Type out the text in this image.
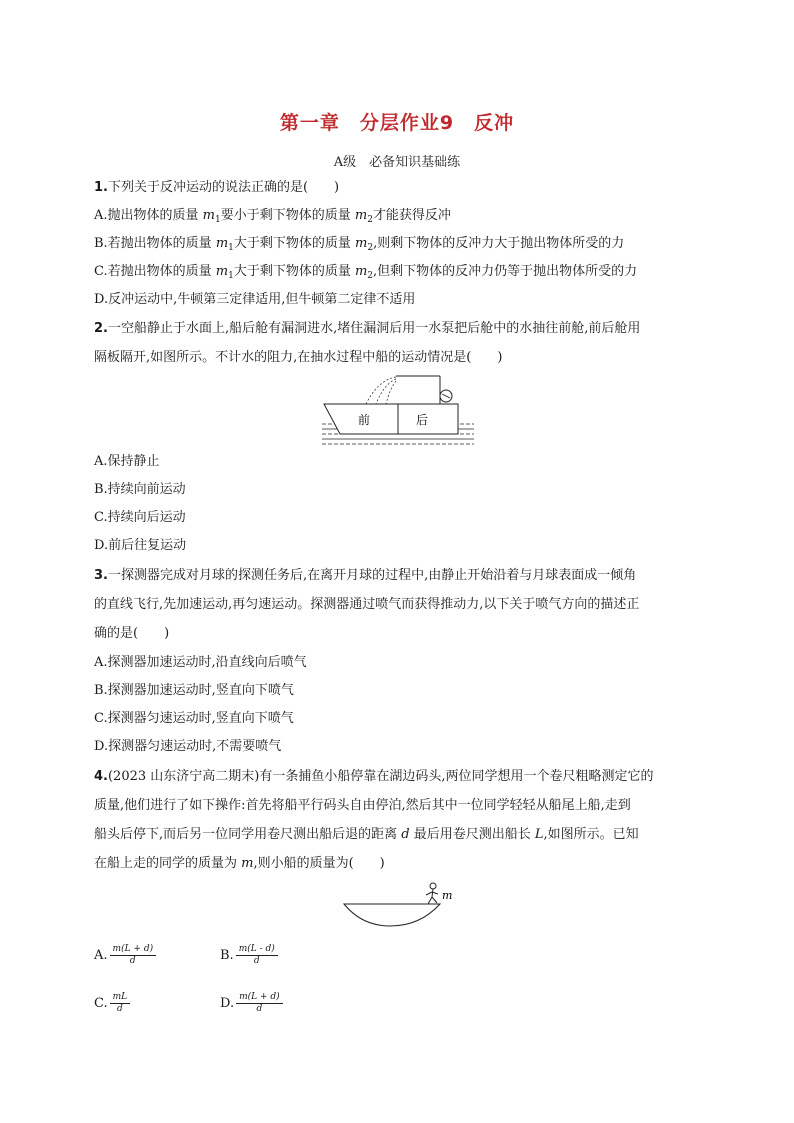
第一章　分层作业9　反冲
A级　必备知识基础练
1.下列关于反冲运动的说法正确的是(　　)
A.抛出物体的质量 $m_1$要小于剩下物体的质量 $m_2$才能获得反冲
B.若抛出物体的质量 $m_1$大于剩下物体的质量 $m_2$,则剩下物体的反冲力大于抛出物体所受的力
C.若抛出物体的质量 $m_1$大于剩下物体的质量 $m_2$,但剩下物体的反冲力仍等于抛出物体所受的力
D.反冲运动中,牛顿第三定律适用,但牛顿第二定律不适用
2.一空船静止于水面上,船后舱有漏洞进水,堵住漏洞后用一水泵把后舱中的水抽往前舱,前后舱用
隔板隔开,如图所示。不计水的阻力,在抽水过程中船的运动情况是(　　)
前	后
A.保持静止
B.持续向前运动
C.持续向后运动
D.前后往复运动
3.一探测器完成对月球的探测任务后,在离开月球的过程中,由静止开始沿着与月球表面成一倾角
的直线飞行,先加速运动,再匀速运动。探测器通过喷气而获得推动力,以下关于喷气方向的描述正
确的是(　　)
A.探测器加速运动时,沿直线向后喷气
B.探测器加速运动时,竖直向下喷气
C.探测器匀速运动时,竖直向下喷气
D.探测器匀速运动时,不需要喷气
4.(2023 山东济宁高二期末)有一条捕鱼小船停靠在湖边码头,两位同学想用一个卷尺粗略测定它的
质量,他们进行了如下操作:首先将船平行码头自由停泊,然后其中一位同学轻轻从船尾上船,走到
船头后停下,而后另一位同学用卷尺测出船后退的距离 d 最后用卷尺测出船长 L,如图所示。已知
在船上走的同学的质量为 m,则小船的质量为(　　)
m
A. $\frac{m(L + d)}{d}$	B. $\frac{m(L - d)}{d}$
C. $\frac{mL}{d}$	D. $\frac{m(L + d)}{d}$
